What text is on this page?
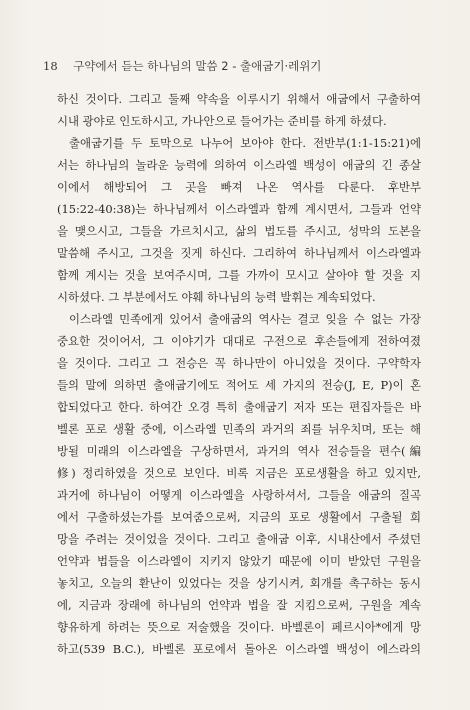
18 구약에서 듣는 하나님의 말씀 2 - 출애굽기·레위기
하신 것이다. 그리고 둘째 약속을 이루시기 위해서 애굽에서 구출하여
시내 광야로 인도하시고, 가나안으로 들어가는 준비를 하게 하셨다.
출애굽기를 두 토막으로 나누어 보아야 한다. 전반부(1:1-15:21)에
서는 하나님의 놀라운 능력에 의하여 이스라엘 백성이 애굽의 긴 종살
이에서 해방되어 그 곳을 빠져 나온 역사를 다룬다. 후반부
(15:22-40:38)는 하나님께서 이스라엘과 함께 계시면서, 그들과 언약
을 맺으시고, 그들을 가르치시고, 삶의 법도를 주시고, 성막의 도본을
말씀해 주시고, 그것을 짓게 하신다. 그리하여 하나님께서 이스라엘과
함께 계시는 것을 보여주시며, 그를 가까이 모시고 살아야 할 것을 지
시하셨다. 그 부분에서도 야훼 하나님의 능력 발휘는 계속되었다.
이스라엘 민족에게 있어서 출애굽의 역사는 결코 잊을 수 없는 가장
중요한 것이어서, 그 이야기가 대대로 구전으로 후손들에게 전하여졌
을 것이다. 그리고 그 전승은 꼭 하나만이 아니었을 것이다. 구약학자
들의 말에 의하면 출애굽기에도 적어도 세 가지의 전승(J, E, P)이 혼
합되었다고 한다. 하여간 오경 특히 출애굽기 저자 또는 편집자들은 바
벨론 포로 생활 중에, 이스라엘 민족의 과거의 죄를 뉘우치며, 또는 해
방될 미래의 이스라엘을 구상하면서, 과거의 역사 전승들을 편수(編
修) 정리하였을 것으로 보인다. 비록 지금은 포로생활을 하고 있지만,
과거에 하나님이 어떻게 이스라엘을 사랑하셔서, 그들을 애굽의 질곡
에서 구출하셨는가를 보여줌으로써, 지금의 포로 생활에서 구출될 희
망을 주려는 것이었을 것이다. 그리고 출애굽 이후, 시내산에서 주셨던
언약과 법들을 이스라엘이 지키지 않았기 때문에 이미 받았던 구원을
놓치고, 오늘의 환난이 있었다는 것을 상기시켜, 회개를 촉구하는 동시
에, 지금과 장래에 하나님의 언약과 법을 잘 지킴으로써, 구원을 계속
향유하게 하려는 뜻으로 저술했을 것이다. 바벨론이 페르시아*에게 망
하고(539 B.C.), 바벨론 포로에서 돌아온 이스라엘 백성이 에스라의
